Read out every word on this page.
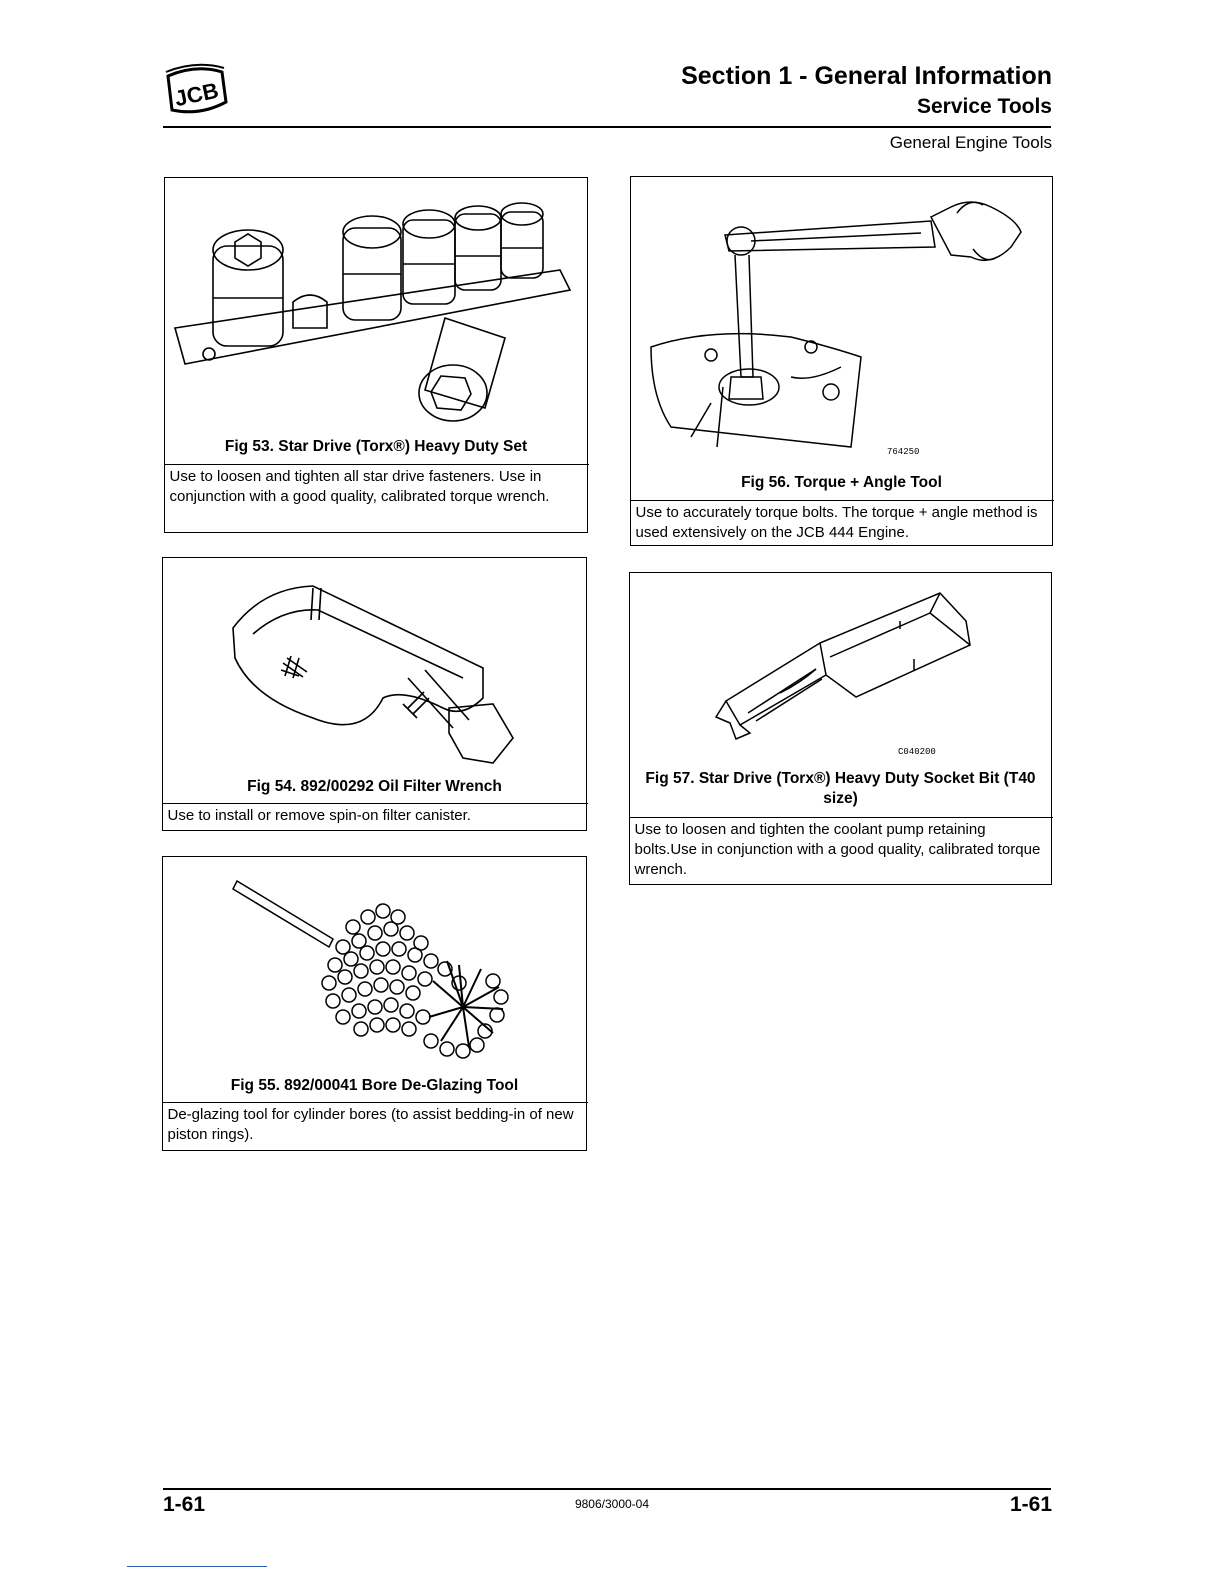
JCB
Section 1 - General Information
Service Tools
General Engine Tools
Fig 53. Star Drive (Torx®) Heavy Duty Set
Use to loosen and tighten all star drive fasteners. Use in conjunction with a good quality, calibrated torque wrench.
Fig 54. 892/00292 Oil Filter Wrench
Use to install or remove spin-on filter canister.
Fig 55. 892/00041 Bore De-Glazing Tool
De-glazing tool for cylinder bores (to assist bedding-in of new piston rings).
764250
Fig 56. Torque + Angle Tool
Use to accurately torque bolts. The torque + angle method is used extensively on the JCB 444 Engine.
C040200
Fig 57. Star Drive (Torx®) Heavy Duty Socket Bit (T40 size)
Use to loosen and tighten the coolant pump retaining bolts.Use in conjunction with a good quality, calibrated torque wrench.
1-61	9806/3000-04	1-61
